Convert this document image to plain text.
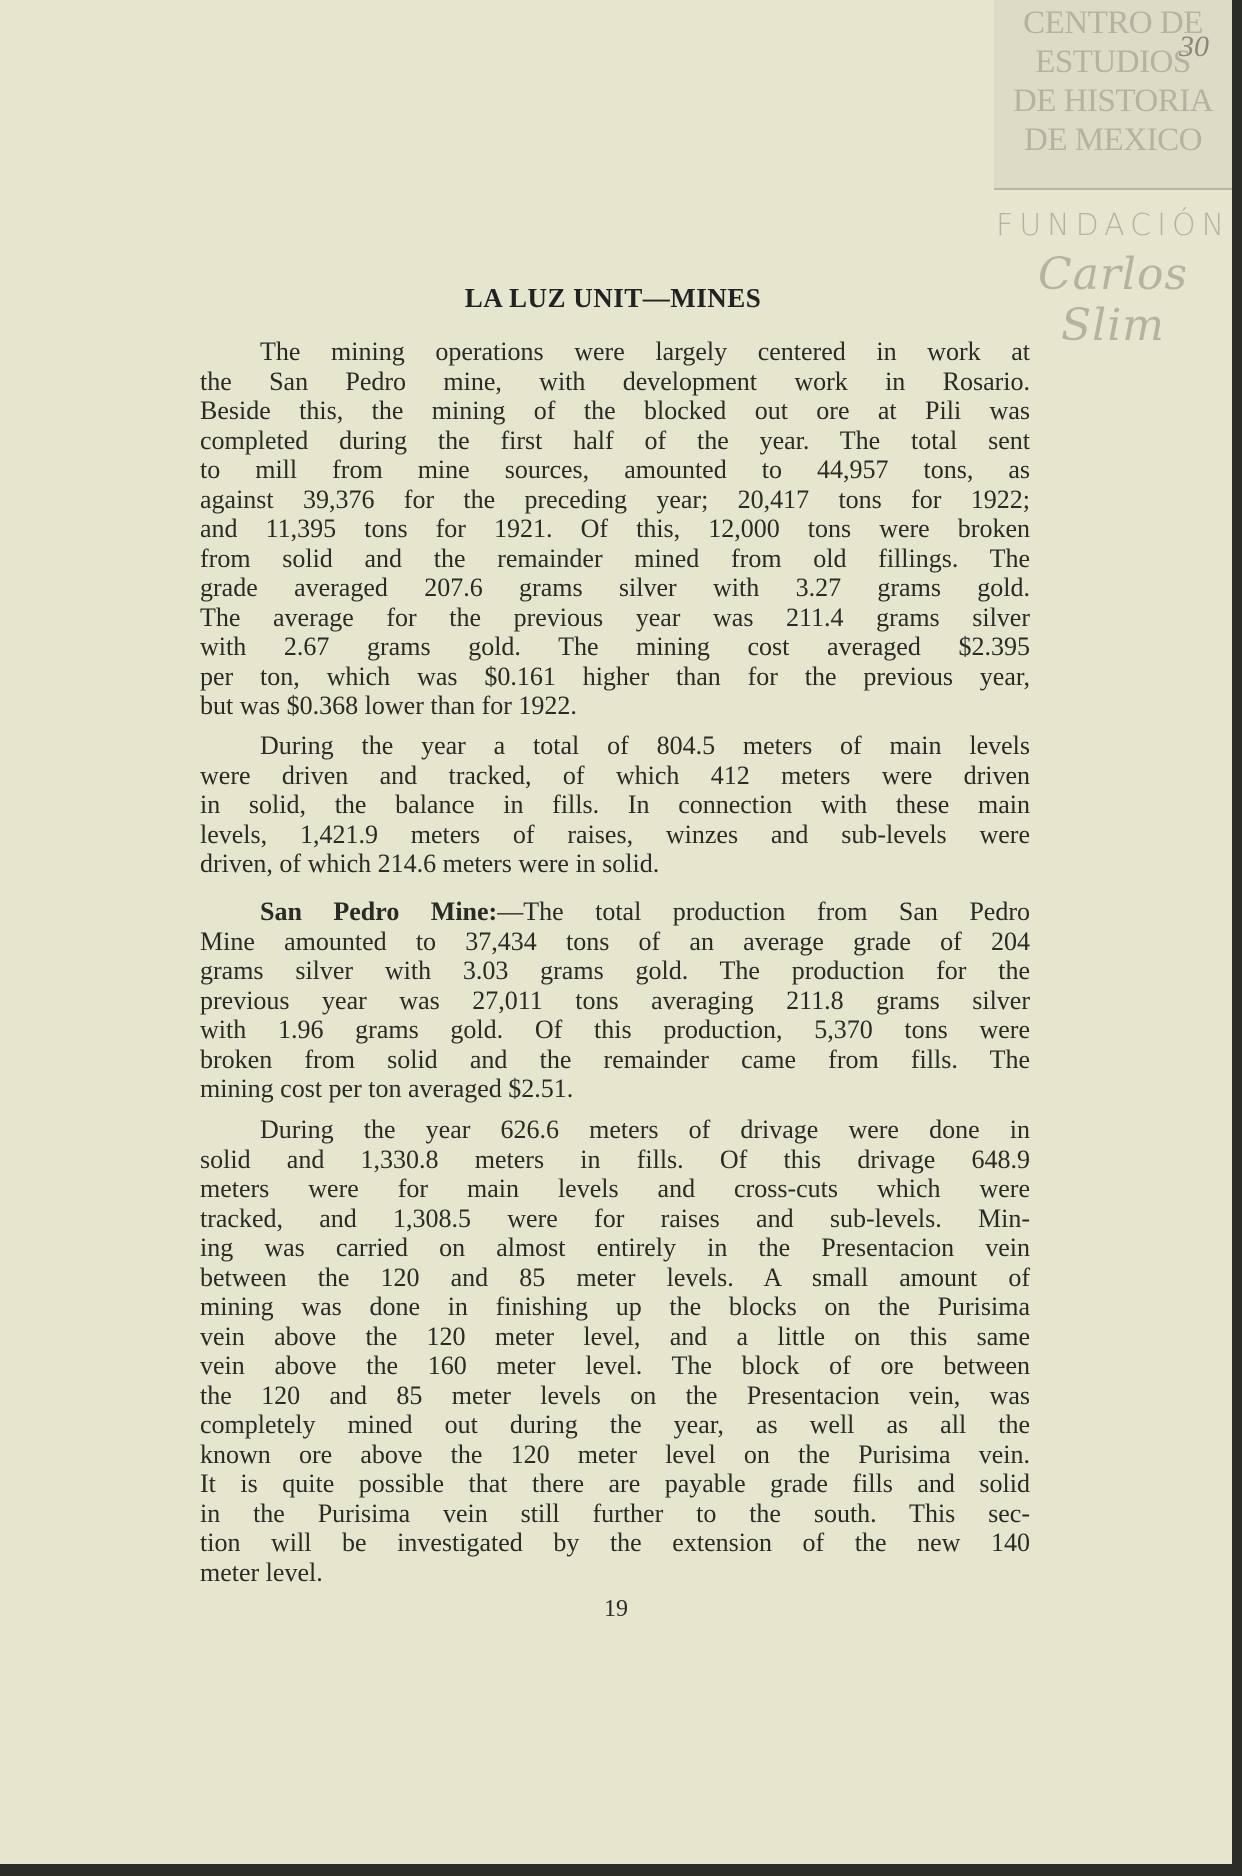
CENTRO DE
ESTUDIOS
DE HISTORIA
DE MEXICO
FUNDACIÓN
Carlos Slim
30
LA LUZ UNIT—MINES
The mining operations were largely centered in work at
the San Pedro mine, with development work in Rosario.
Beside this, the mining of the blocked out ore at Pili was
completed during the first half of the year. The total sent
to mill from mine sources, amounted to 44,957 tons, as
against 39,376 for the preceding year; 20,417 tons for 1922;
and 11,395 tons for 1921. Of this, 12,000 tons were broken
from solid and the remainder mined from old fillings. The
grade averaged 207.6 grams silver with 3.27 grams gold.
The average for the previous year was 211.4 grams silver
with 2.67 grams gold. The mining cost averaged $2.395
per ton, which was $0.161 higher than for the previous year,
but was $0.368 lower than for 1922.
During the year a total of 804.5 meters of main levels
were driven and tracked, of which 412 meters were driven
in solid, the balance in fills. In connection with these main
levels, 1,421.9 meters of raises, winzes and sub-levels were
driven, of which 214.6 meters were in solid.
San Pedro Mine:—The total production from San Pedro
Mine amounted to 37,434 tons of an average grade of 204
grams silver with 3.03 grams gold. The production for the
previous year was 27,011 tons averaging 211.8 grams silver
with 1.96 grams gold. Of this production, 5,370 tons were
broken from solid and the remainder came from fills. The
mining cost per ton averaged $2.51.
During the year 626.6 meters of drivage were done in
solid and 1,330.8 meters in fills. Of this drivage 648.9
meters were for main levels and cross-cuts which were
tracked, and 1,308.5 were for raises and sub-levels. Min-
ing was carried on almost entirely in the Presentacion vein
between the 120 and 85 meter levels. A small amount of
mining was done in finishing up the blocks on the Purisima
vein above the 120 meter level, and a little on this same
vein above the 160 meter level. The block of ore between
the 120 and 85 meter levels on the Presentacion vein, was
completely mined out during the year, as well as all the
known ore above the 120 meter level on the Purisima vein.
It is quite possible that there are payable grade fills and solid
in the Purisima vein still further to the south. This sec-
tion will be investigated by the extension of the new 140
meter level.
19
